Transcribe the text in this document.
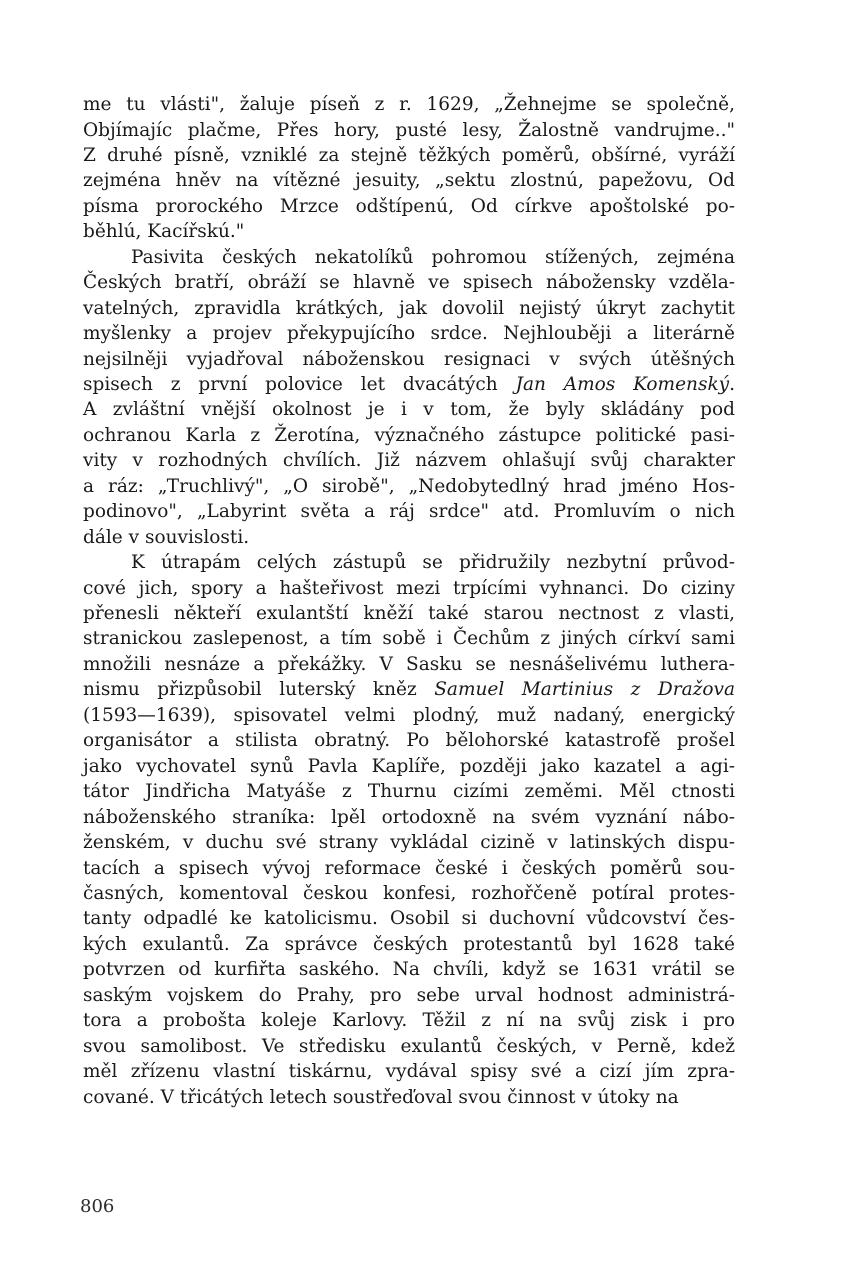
me tu vlásti", žaluje píseň z r. 1629, „Žehnejme se společně,
Objímajíc plačme, Přes hory, pusté lesy, Žalostně vandrujme.."
Z druhé písně, vzniklé za stejně těžkých poměrů, obšírné, vyráží
zejména hněv na vítězné jesuity, „sektu zlostnú, papežovu, Od
písma prorockého Mrzce odštípenú, Od církve apoštolské po-
běhlú, Kacířskú."
Pasivita českých nekatolíků pohromou stížených, zejména
Českých bratří, obráží se hlavně ve spisech nábožensky vzděla-
vatelných, zpravidla krátkých, jak dovolil nejistý úkryt zachytit
myšlenky a projev překypujícího srdce. Nejhlouběji a literárně
nejsilněji vyjadřoval náboženskou resignaci v svých útěšných
spisech z první polovice let dvacátých Jan Amos Komenský.
A zvláštní vnější okolnost je i v tom, že byly skládány pod
ochranou Karla z Žerotína, význačného zástupce politické pasi-
vity v rozhodných chvílích. Již názvem ohlašují svůj charakter
a ráz: „Truchlivý", „O sirobě", „Nedobytedlný hrad jméno Hos-
podinovo", „Labyrint světa a ráj srdce" atd. Promluvím o nich
dále v souvislosti.
K útrapám celých zástupů se přidružily nezbytní průvod-
cové jich, spory a hašteřivost mezi trpícími vyhnanci. Do ciziny
přenesli někteří exulantští kněží také starou nectnost z vlasti,
stranickou zaslepenost, a tím sobě i Čechům z jiných církví sami
množili nesnáze a překážky. V Sasku se nesnášelivému luthera-
nismu přizpůsobil luterský kněz Samuel Martinius z Dražova
(1593—1639), spisovatel velmi plodný, muž nadaný, energický
organisátor a stilista obratný. Po bělohorské katastrofě prošel
jako vychovatel synů Pavla Kaplíře, později jako kazatel a agi-
tátor Jindřicha Matyáše z Thurnu cizími zeměmi. Měl ctnosti
náboženského straníka: lpěl ortodoxně na svém vyznání nábo-
ženském, v duchu své strany vykládal cizině v latinských dispu-
tacích a spisech vývoj reformace české i českých poměrů sou-
časných, komentoval českou konfesi, rozhořčeně potíral protes-
tanty odpadlé ke katolicismu. Osobil si duchovní vůdcovství čes-
kých exulantů. Za správce českých protestantů byl 1628 také
potvrzen od kurfiřta saského. Na chvíli, když se 1631 vrátil se
saským vojskem do Prahy, pro sebe urval hodnost administrá-
tora a proboštа koleje Karlovy. Těžil z ní na svůj zisk i pro
svou samolibost. Ve středisku exulantů českých, v Perně, kdež
měl zřízenu vlastní tiskárnu, vydával spisy své a cizí jím zpra-
cované. V třicátých letech soustřeďoval svou činnost v útoky na
806
